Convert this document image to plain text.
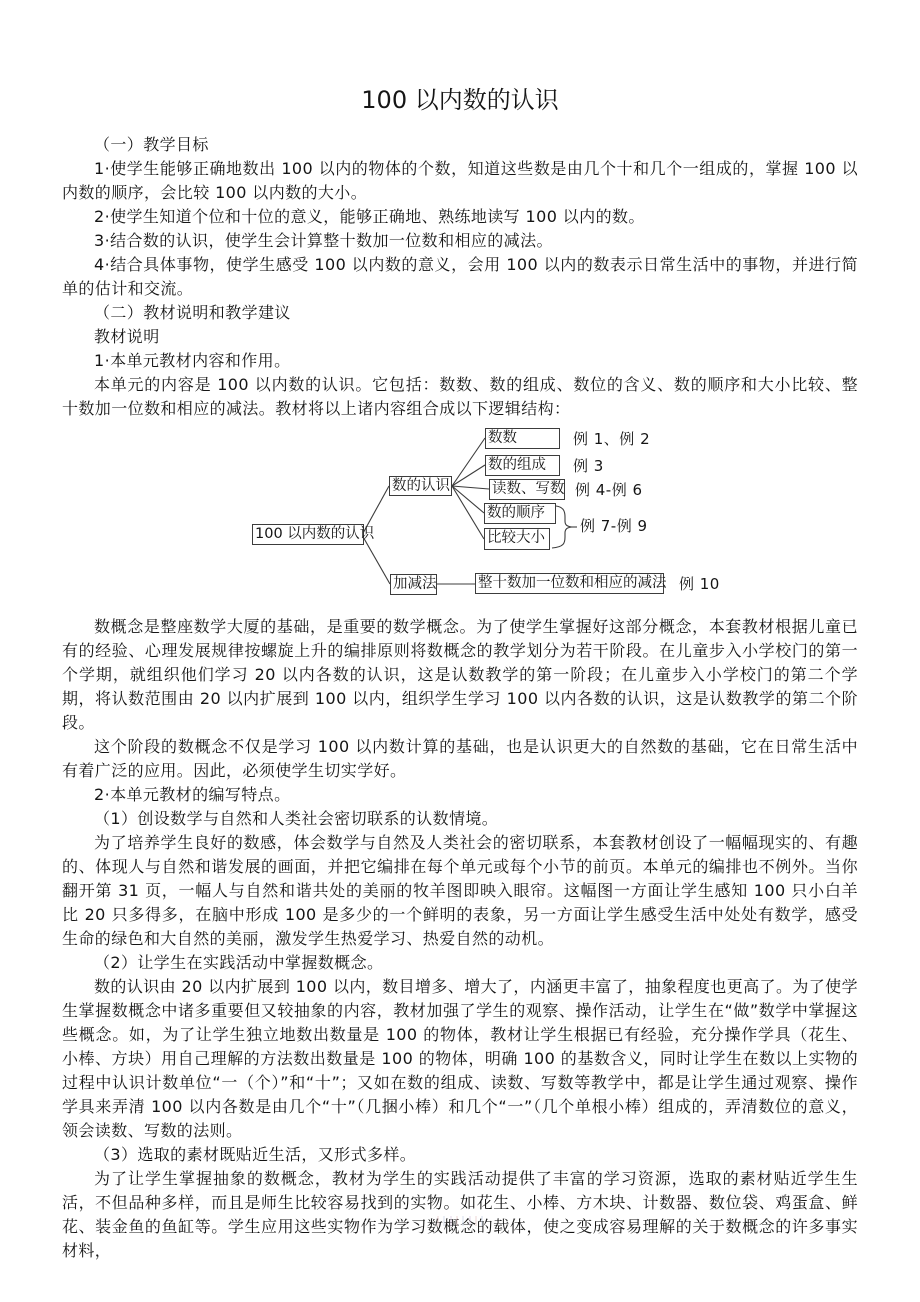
100 以内数的认识

（一）教学目标

1·使学生能够正确地数出 100 以内的物体的个数，知道这些数是由几个十和几个一组成的，掌握 100 以内数的顺序，会比较 100 以内数的大小。

2·使学生知道个位和十位的意义，能够正确地、熟练地读写 100 以内的数。

3·结合数的认识，使学生会计算整十数加一位数和相应的减法。

4·结合具体事物，使学生感受 100 以内数的意义，会用 100 以内的数表示日常生活中的事物，并进行简单的估计和交流。

（二）教材说明和教学建议

教材说明

1·本单元教材内容和作用。

本单元的内容是 100 以内数的认识。它包括：数数、数的组成、数位的含义、数的顺序和大小比较、整十数加一位数和相应的减法。教材将以上诸内容组合成以下逻辑结构：

100 以内数的认识
数的认识
加减法
数数
数的组成
读数、写数
数的顺序
比较大小
整十数加一位数和相应的减法
例 1、例 2
例 3
例 4-例 6
例 7-例 9
例 10

数概念是整座数学大厦的基础，是重要的数学概念。为了使学生掌握好这部分概念，本套教材根据儿童已有的经验、心理发展规律按螺旋上升的编排原则将数概念的教学划分为若干阶段。在儿童步入小学校门的第一个学期，就组织他们学习 20 以内各数的认识，这是认数教学的第一阶段；在儿童步入小学校门的第二个学期，将认数范围由 20 以内扩展到 100 以内，组织学生学习 100 以内各数的认识，这是认数教学的第二个阶段。

这个阶段的数概念不仅是学习 100 以内数计算的基础，也是认识更大的自然数的基础，它在日常生活中有着广泛的应用。因此，必须使学生切实学好。

2·本单元教材的编写特点。

（1）创设数学与自然和人类社会密切联系的认数情境。

为了培养学生良好的数感，体会数学与自然及人类社会的密切联系，本套教材创设了一幅幅现实的、有趣的、体现人与自然和谐发展的画面，并把它编排在每个单元或每个小节的前页。本单元的编排也不例外。当你翻开第 31 页，一幅人与自然和谐共处的美丽的牧羊图即映入眼帘。这幅图一方面让学生感知 100 只小白羊比 20 只多得多，在脑中形成 100 是多少的一个鲜明的表象，另一方面让学生感受生活中处处有数学，感受生命的绿色和大自然的美丽，激发学生热爱学习、热爱自然的动机。

（2）让学生在实践活动中掌握数概念。

数的认识由 20 以内扩展到 100 以内，数目增多、增大了，内涵更丰富了，抽象程度也更高了。为了使学生掌握数概念中诸多重要但又较抽象的内容，教材加强了学生的观察、操作活动，让学生在“做”数学中掌握这些概念。如，为了让学生独立地数出数量是 100 的物体，教材让学生根据已有经验，充分操作学具（花生、小棒、方块）用自己理解的方法数出数量是 100 的物体，明确 100 的基数含义，同时让学生在数以上实物的过程中认识计数单位“一（个）”和“十”；又如在数的组成、读数、写数等教学中，都是让学生通过观察、操作学具来弄清 100 以内各数是由几个“十”（几捆小棒）和几个“一”（几个单根小棒）组成的，弄清数位的意义，领会读数、写数的法则。

（3）选取的素材既贴近生活，又形式多样。

为了让学生掌握抽象的数概念，教材为学生的实践活动提供了丰富的学习资源，选取的素材贴近学生生活，不但品种多样，而且是师生比较容易找到的实物。如花生、小棒、方木块、计数器、数位袋、鸡蛋盒、鲜花、装金鱼的鱼缸等。学生应用这些实物作为学习数概念的载体，使之变成容易理解的关于数概念的许多事实材料，
